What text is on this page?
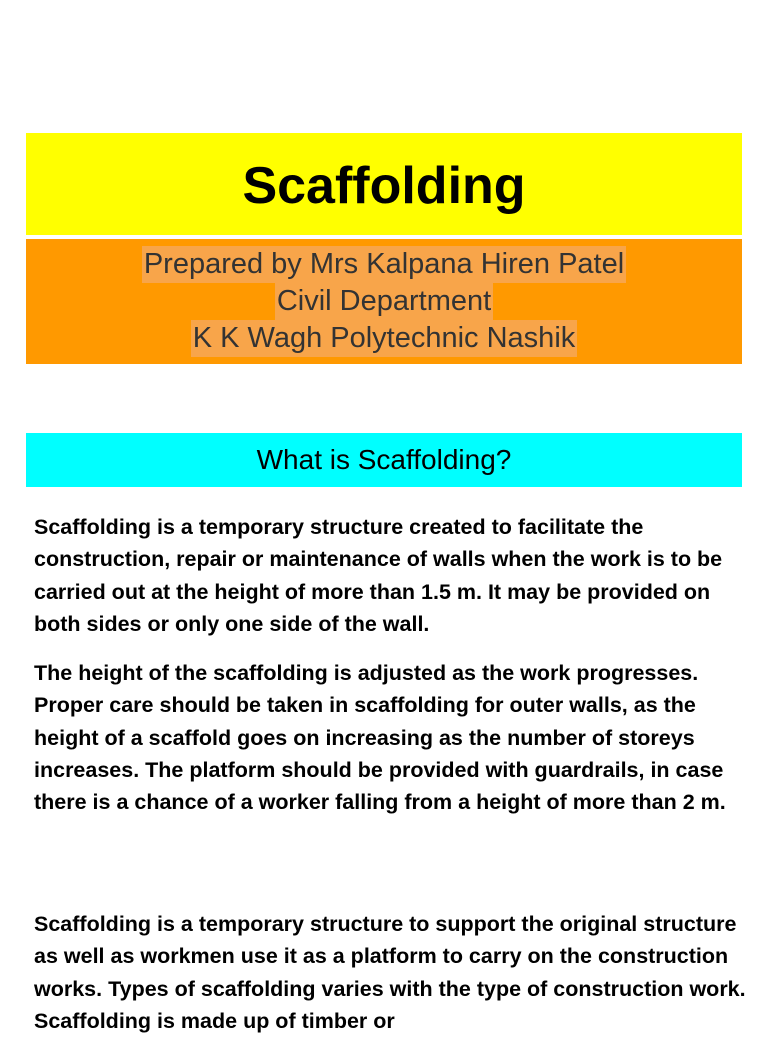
Scaffolding
Prepared by Mrs Kalpana Hiren Patel
Civil Department
K K Wagh Polytechnic Nashik
What is Scaffolding?

Scaffolding is a temporary structure created to facilitate the construction, repair or maintenance of walls when the work is to be carried out at the height of more than 1.5 m. It may be provided on both sides or only one side of the wall.

The height of the scaffolding is adjusted as the work progresses. Proper care should be taken in scaffolding for outer walls, as the height of a scaffold goes on increasing as the number of storeys increases. The platform should be provided with guardrails, in case there is a chance of a worker falling from a height of more than 2 m.

Scaffolding is a temporary structure to support the original structure as well as workmen use it as a platform to carry on the construction works. Types of scaffolding varies with the type of construction work. Scaffolding is made up of timber or
